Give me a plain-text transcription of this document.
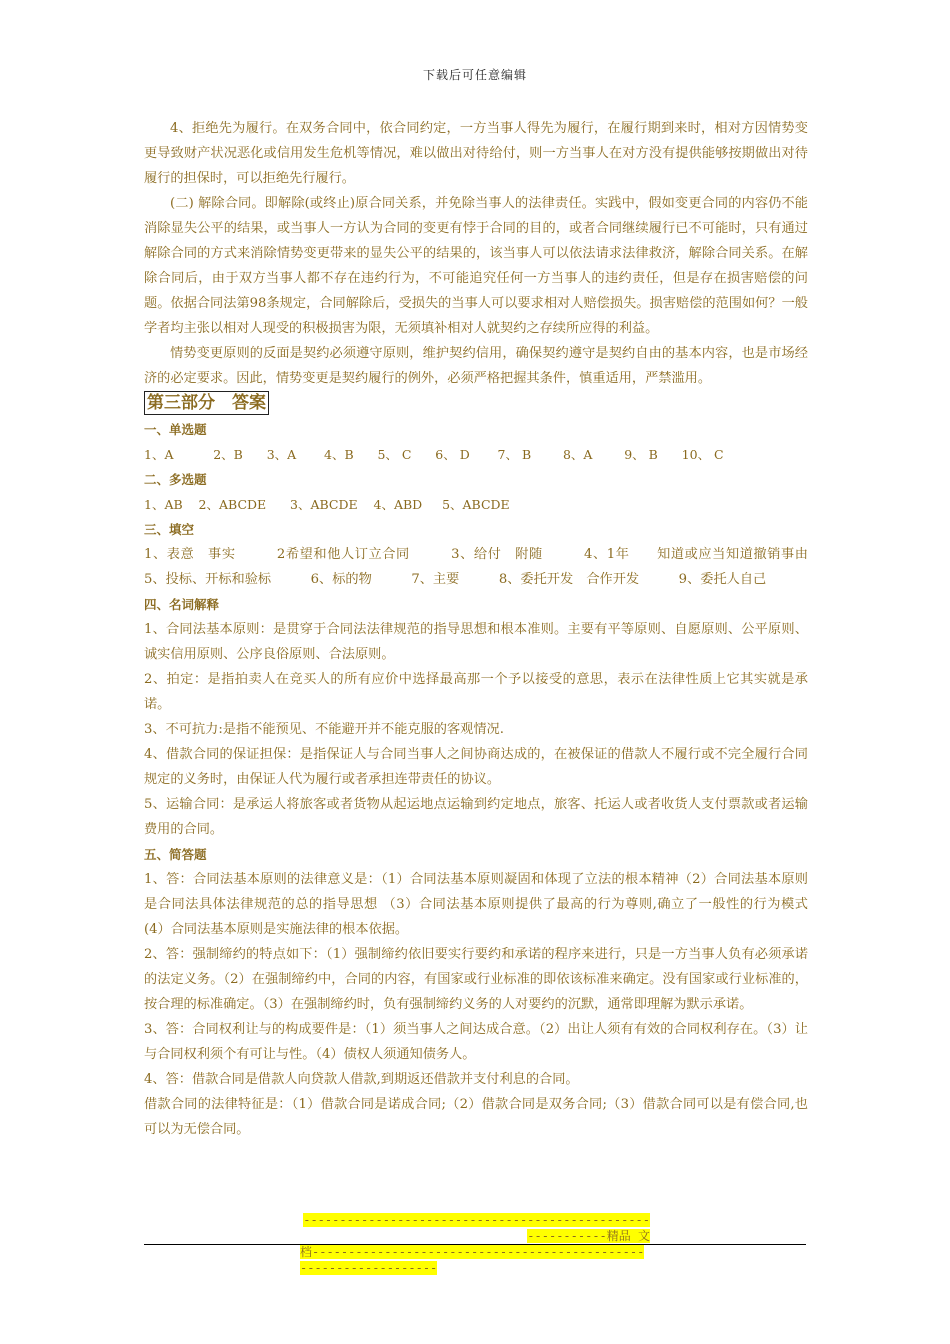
下载后可任意编辑

4、拒绝先为履行。在双务合同中，依合同约定，一方当事人得先为履行，在履行期到来时，相对方因情势变更导致财产状况恶化或信用发生危机等情况，难以做出对待给付，则一方当事人在对方没有提供能够按期做出对待履行的担保时，可以拒绝先行履行。

(二) 解除合同。即解除(或终止)原合同关系，并免除当事人的法律责任。实践中，假如变更合同的内容仍不能消除显失公平的结果，或当事人一方认为合同的变更有悖于合同的目的，或者合同继续履行已不可能时，只有通过解除合同的方式来消除情势变更带来的显失公平的结果的，该当事人可以依法请求法律救济，解除合同关系。在解除合同后，由于双方当事人都不存在违约行为，不可能追究任何一方当事人的违约责任，但是存在损害赔偿的问题。依据合同法第98条规定，合同解除后，受损失的当事人可以要求相对人赔偿损失。损害赔偿的范围如何？一般学者均主张以相对人现受的积极损害为限，无须填补相对人就契约之存续所应得的利益。

情势变更原则的反面是契约必须遵守原则，维护契约信用，确保契约遵守是契约自由的基本内容，也是市场经济的必定要求。因此，情势变更是契约履行的例外，必须严格把握其条件，慎重适用，严禁滥用。

第三部分　答案

一、单选题

1、A          2、B      3、A       4、B      5、 C      6、 D       7、 B        8、A        9、 B      10、 C

二、多选题

1、AB    2、ABCDE      3、ABCDE    4、ABD     5、ABCDE

三、填空

1、表意　事实　　　2希望和他人订立合同　　　3、给付　附随　　　4、1年　　知道或应当知道撤销事由　　5、投标、开标和验标　　　6、标的物　　　7、主要　　　8、委托开发　合作开发　　　9、委托人自己

四、名词解释

1、合同法基本原则：是贯穿于合同法法律规范的指导思想和根本准则。主要有平等原则、自愿原则、公平原则、诚实信用原则、公序良俗原则、合法原则。

2、拍定：是指拍卖人在竞买人的所有应价中选择最高那一个予以接受的意思，表示在法律性质上它其实就是承诺。

3、不可抗力:是指不能预见、不能避开并不能克服的客观情况.

4、借款合同的保证担保：是指保证人与合同当事人之间协商达成的，在被保证的借款人不履行或不完全履行合同规定的义务时，由保证人代为履行或者承担连带责任的协议。

5、运输合同：是承运人将旅客或者货物从起运地点运输到约定地点，旅客、托运人或者收货人支付票款或者运输费用的合同。

五、简答题

1、答：合同法基本原则的法律意义是：（1）合同法基本原则凝固和体现了立法的根本精神（2）合同法基本原则是合同法具体法律规范的总的指导思想 （3）合同法基本原则提供了最高的行为尊则,确立了一般性的行为模式　(4）合同法基本原则是实施法律的根本依据。

2、答：强制缔约的特点如下：（1）强制缔约依旧要实行要约和承诺的程序来进行，只是一方当事人负有必须承诺的法定义务。（2）在强制缔约中，合同的内容，有国家或行业标准的即依该标准来确定。没有国家或行业标准的，按合理的标准确定。（3）在强制缔约时，负有强制缔约义务的人对要约的沉默，通常即理解为默示承诺。

3、答：合同权利让与的构成要件是：（1）须当事人之间达成合意。（2）出让人须有有效的合同权利存在。（3）让与合同权利须个有可让与性。（4）债权人须通知债务人。

4、答：借款合同是借款人向贷款人借款,到期返还借款并支付利息的合同。

借款合同的法律特征是：（1）借款合同是诺成合同;（2）借款合同是双务合同;（3）借款合同可以是有偿合同,也可以为无偿合同。

-----------------------------------------------------------精品 文
档-----------------------------------------------------------------
